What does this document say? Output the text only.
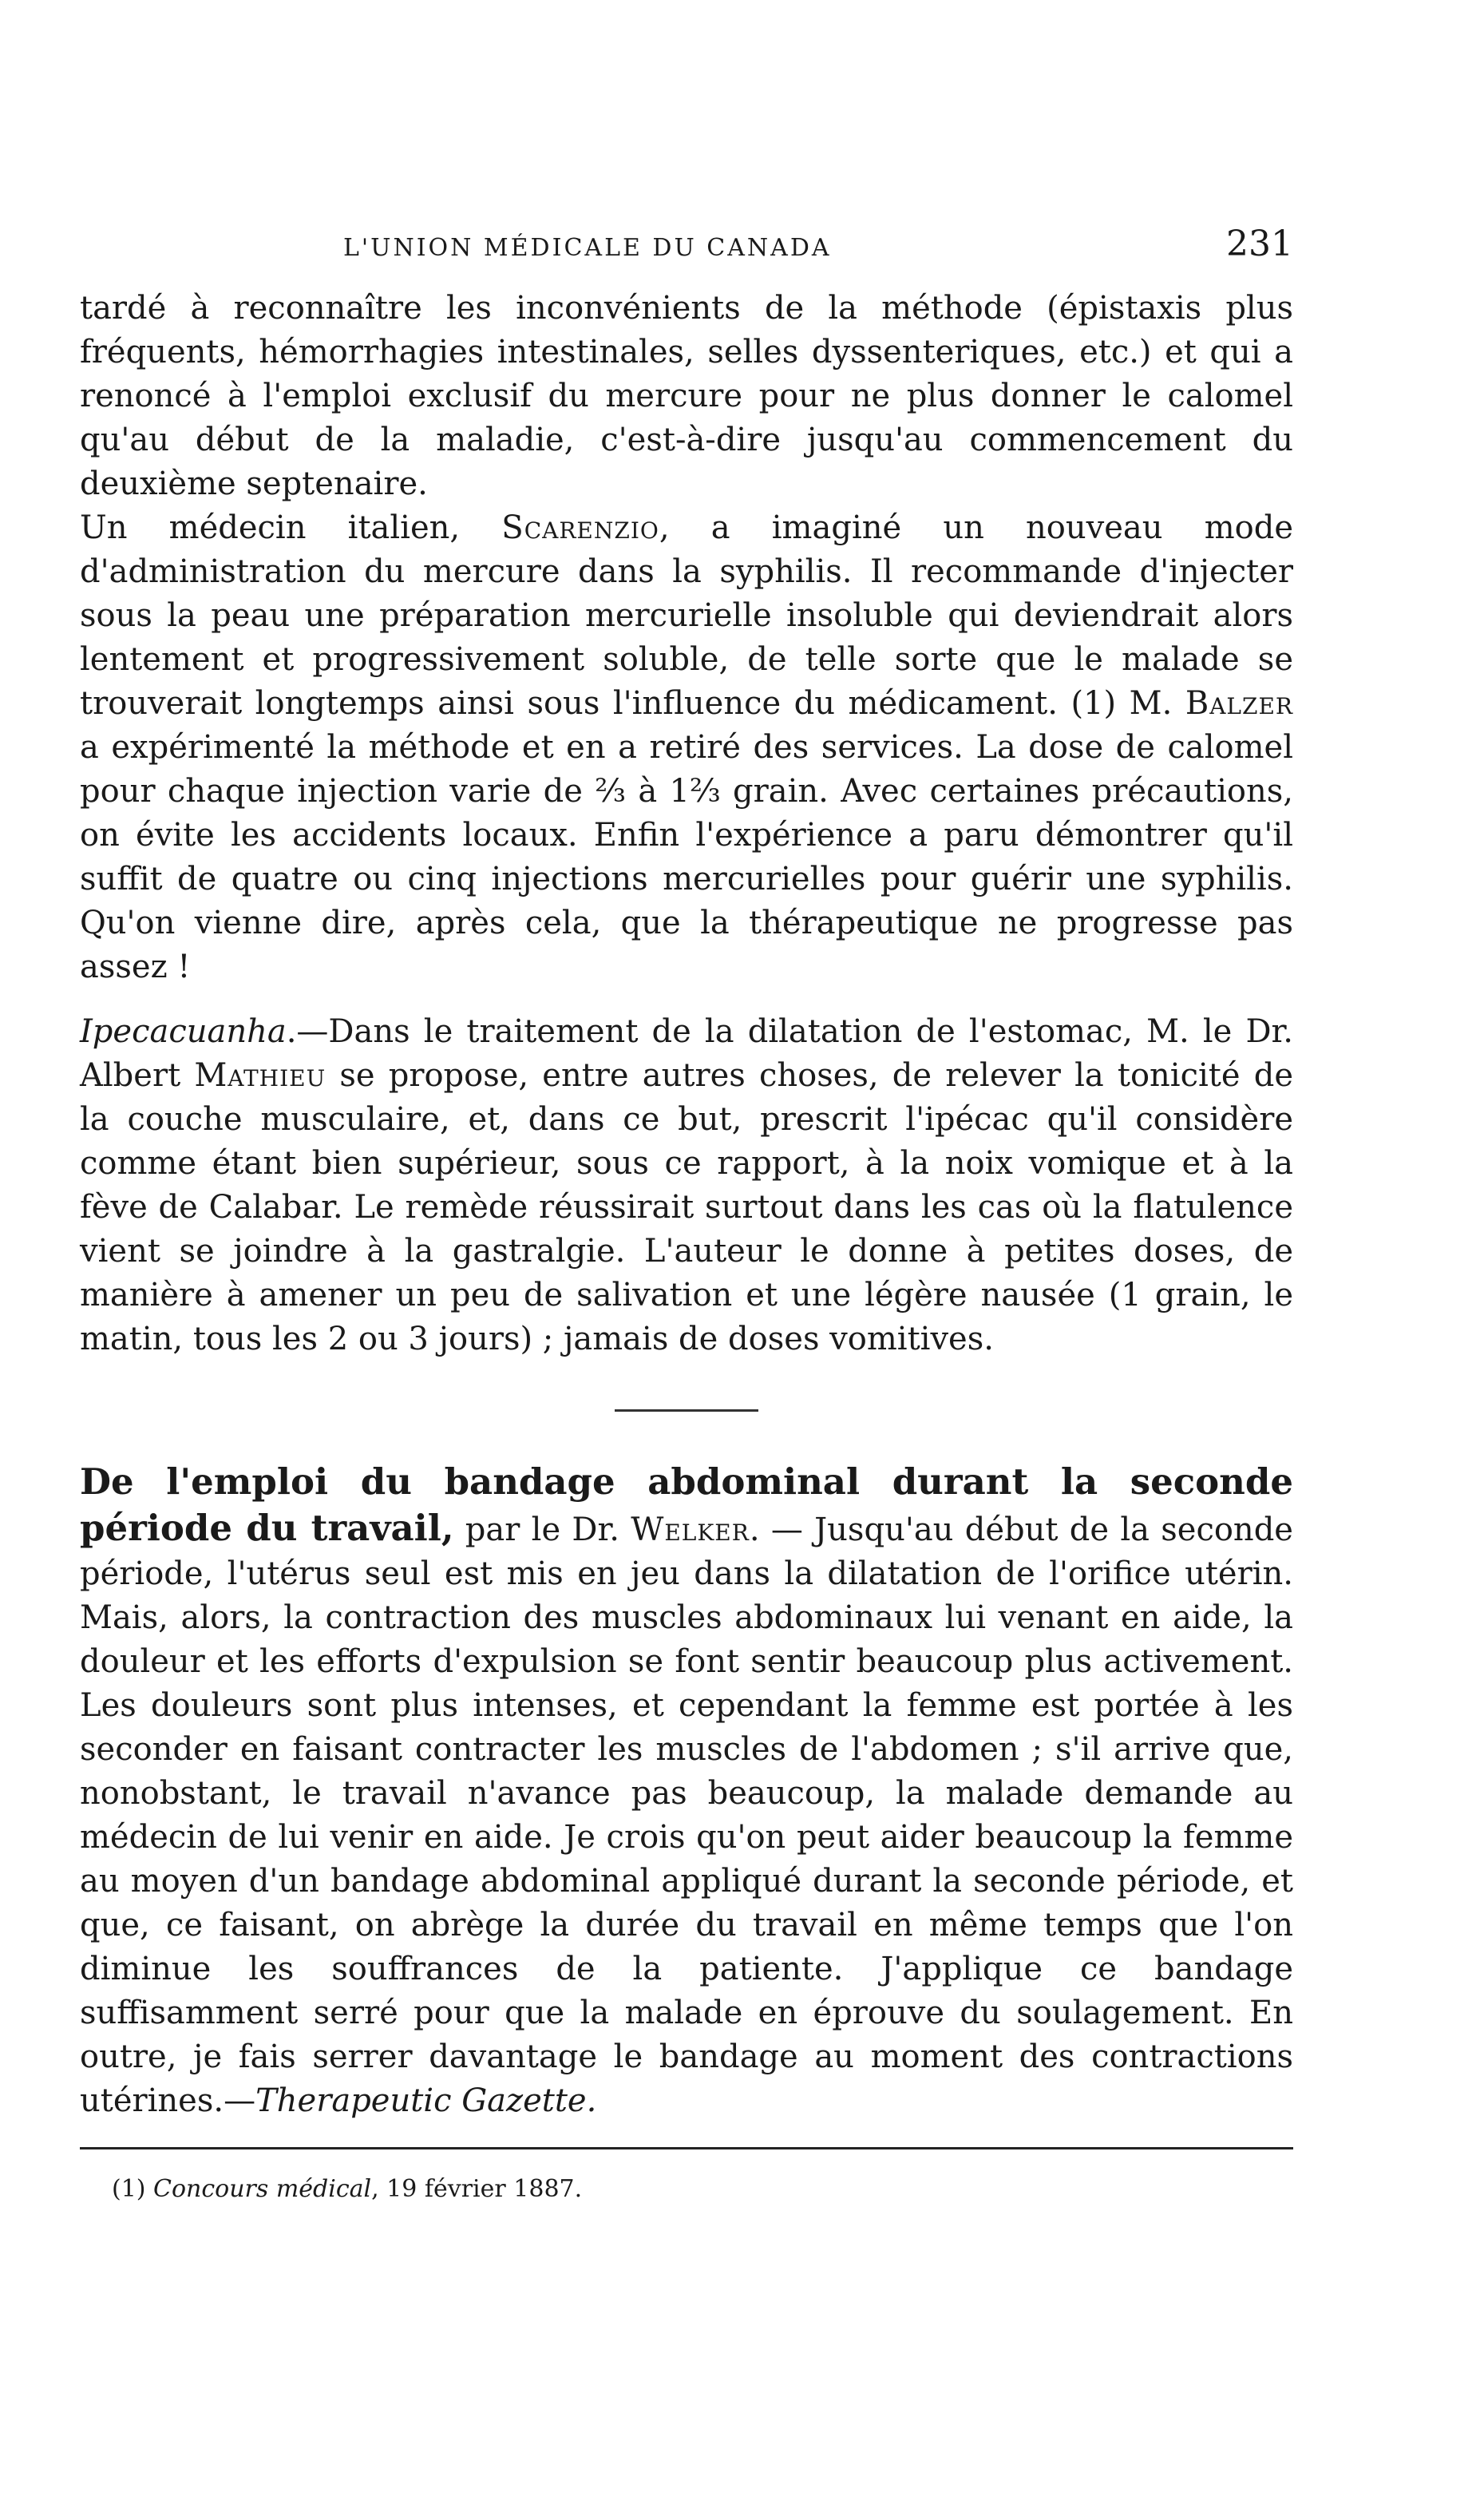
L'UNION MÉDICALE DU CANADA	231

tardé à reconnaître les inconvénients de la méthode (épistaxis plus fréquents, hémorrhagies intestinales, selles dyssenteriques, etc.) et qui a renoncé à l'emploi exclusif du mercure pour ne plus donner le calomel qu'au début de la maladie, c'est-à-dire jusqu'au commencement du deuxième septenaire.

Un médecin italien, Scarenzio, a imaginé un nouveau mode d'administration du mercure dans la syphilis. Il recommande d'injecter sous la peau une préparation mercurielle insoluble qui deviendrait alors lentement et progressivement soluble, de telle sorte que le malade se trouverait longtemps ainsi sous l'influence du médicament. (1) M. Balzer a expérimenté la méthode et en a retiré des services. La dose de calomel pour chaque injection varie de ⅔ à 1⅔ grain. Avec certaines précautions, on évite les accidents locaux. Enfin l'expérience a paru démontrer qu'il suffit de quatre ou cinq injections mercurielles pour guérir une syphilis. Qu'on vienne dire, après cela, que la thérapeutique ne progresse pas assez !

Ipecacuanha.—Dans le traitement de la dilatation de l'estomac, M. le Dr. Albert Mathieu se propose, entre autres choses, de relever la tonicité de la couche musculaire, et, dans ce but, prescrit l'ipécac qu'il considère comme étant bien supérieur, sous ce rapport, à la noix vomique et à la fève de Calabar. Le remède réussirait surtout dans les cas où la flatulence vient se joindre à la gastralgie. L'auteur le donne à petites doses, de manière à amener un peu de salivation et une légère nausée (1 grain, le matin, tous les 2 ou 3 jours) ; jamais de doses vomitives.

De l'emploi du bandage abdominal durant la seconde période du travail, par le Dr. Welker. — Jusqu'au début de la seconde période, l'utérus seul est mis en jeu dans la dilatation de l'orifice utérin. Mais, alors, la contraction des muscles abdominaux lui venant en aide, la douleur et les efforts d'expulsion se font sentir beaucoup plus activement. Les douleurs sont plus intenses, et cependant la femme est portée à les seconder en faisant contracter les muscles de l'abdomen ; s'il arrive que, nonobstant, le travail n'avance pas beaucoup, la malade demande au médecin de lui venir en aide. Je crois qu'on peut aider beaucoup la femme au moyen d'un bandage abdominal appliqué durant la seconde période, et que, ce faisant, on abrège la durée du travail en même temps que l'on diminue les souffrances de la patiente. J'applique ce bandage suffisamment serré pour que la malade en éprouve du soulagement. En outre, je fais serrer davantage le bandage au moment des contractions utérines.—Therapeutic Gazette.

(1) Concours médical, 19 février 1887.
